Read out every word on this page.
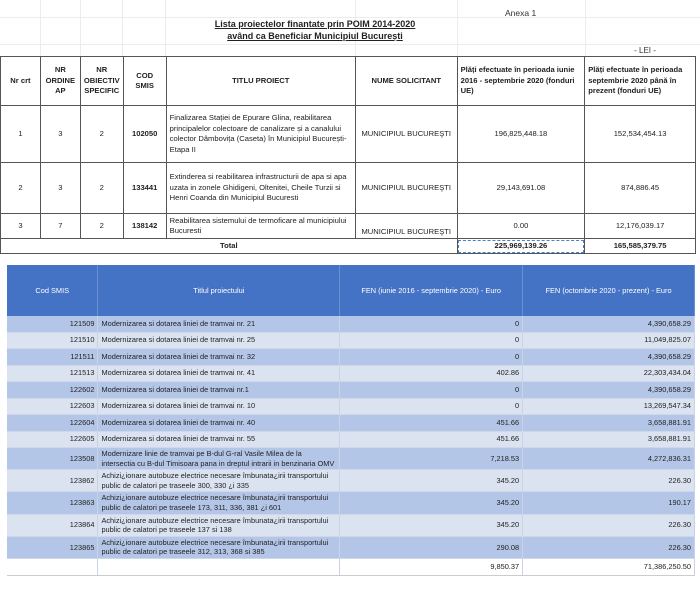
Anexa 1
Lista proiectelor finantate prin POIM 2014-2020
având ca Beneficiar Municipiul București
- LEI -
Nr crt	NR ORDINE AP	NR OBIECTIV SPECIFIC	COD SMIS	TITLU PROIECT	NUME SOLICITANT	Plăți efectuate în perioada iunie 2016 - septembrie 2020 (fonduri UE)	Plăți efectuate în perioada septembrie 2020 până în prezent (fonduri UE)
1	3	2	102050	Finalizarea Stației de Epurare Glina, reabilitarea principalelor colectoare de canalizare și a canalului colector Dâmbovița (Caseta) în Municipiul București-Etapa II	MUNICIPIUL BUCUREŞTI	196,825,448.18	152,534,454.13
2	3	2	133441	Extinderea si reabilitarea infrastructurii de apa si apa uzata in zonele Ghidigeni, Oltenitei, Cheile Turzii si Henri Coanda din Municipiul Bucuresti	MUNICIPIUL BUCUREŞTI	29,143,691.08	874,886.45
3	7	2	138142	Reabilitarea sistemului de termoficare al municipiului Bucuresti	MUNICIPIUL BUCUREŞTI	0.00	12,176,039.17
Total						225,969,139.26	165,585,379.75
Cod SMIS	Titlul proiectului	FEN (iunie 2016 - septembrie 2020) - Euro	FEN (octombrie 2020 - prezent) - Euro
121509	Modernizarea si dotarea liniei de tramvai nr. 21	0	4,390,658.29
121510	Modernizarea si dotarea liniei de tramvai nr. 25	0	11,049,825.07
121511	Modernizarea si dotarea liniei de tramvai nr. 32	0	4,390,658.29
121513	Modernizarea si dotarea liniei de tramvai nr. 41	402.86	22,303,434.04
122602	Modernizarea si dotarea liniei de tramvai nr.1	0	4,390,658.29
122603	Modernizarea si dotarea liniei de tramvai nr. 10	0	13,269,547.34
122604	Modernizarea si dotarea liniei de tramvai nr. 40	451.66	3,658,881.91
122605	Modernizarea si dotarea liniei de tramvai nr. 55	451.66	3,658,881.91
123508	Modernizare linie de tramvai pe B-dul G-ral Vasile Milea de la intersectia cu B-dul Timisoara pana in dreptul intrarii in benzinaria OMV	7,218.53	4,272,836.31
123862	Achizi¿ionare autobuze electrice necesare îmbunata¿irii transportului public de calatori pe traseele 300, 330 ¿i 335	345.20	226.30
123863	Achizi¿ionare autobuze electrice necesare îmbunata¿irii transportului public de calatori pe traseele 173, 311, 336, 381 ¿i 601	345.20	190.17
123864	Achizi¿ionare autobuze electrice necesare îmbunata¿irii transportului public de calatori pe traseele 137 si 138	345.20	226.30
123865	Achizi¿ionare autobuze electrice necesare îmbunata¿irii transportului public de calatori pe traseele 312, 313, 368 si 385	290.08	226.30
		9,850.37	71,386,250.50
